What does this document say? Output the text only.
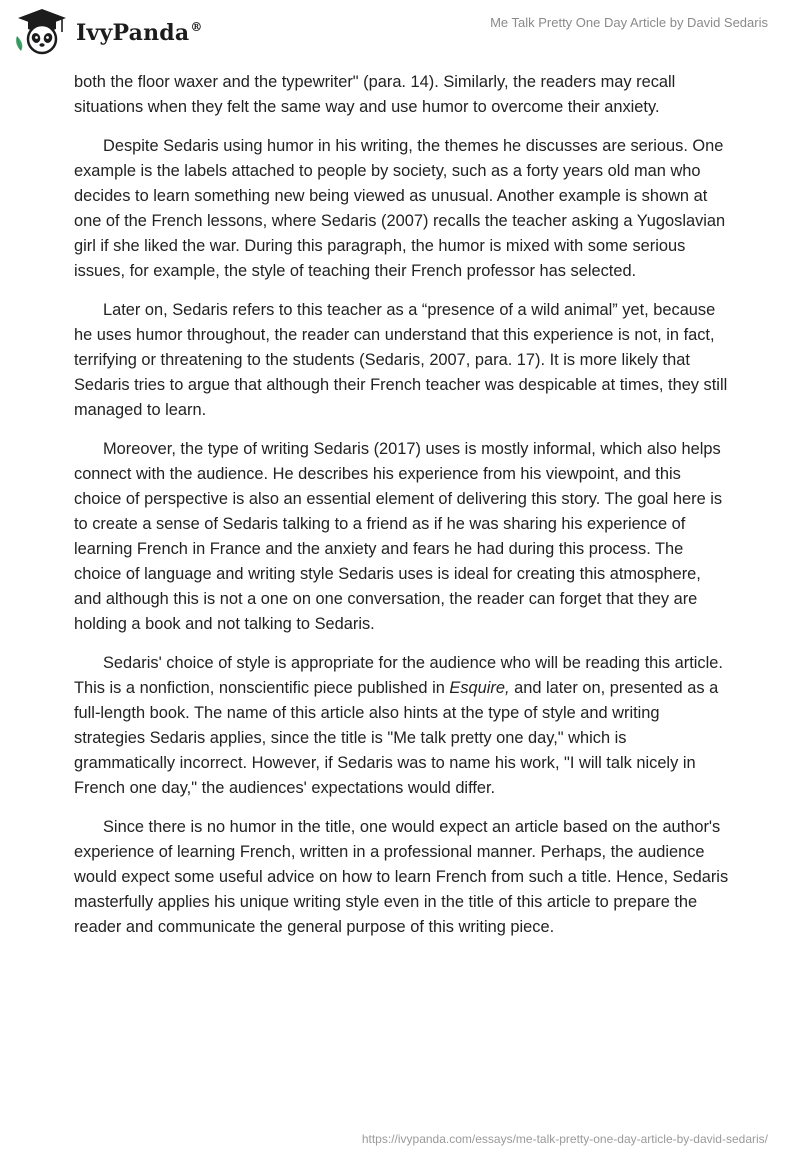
IvyPanda®	Me Talk Pretty One Day Article by David Sedaris

both the floor waxer and the typewriter" (para. 14). Similarly, the readers may recall situations when they felt the same way and use humor to overcome their anxiety.

Despite Sedaris using humor in his writing, the themes he discusses are serious. One example is the labels attached to people by society, such as a forty years old man who decides to learn something new being viewed as unusual. Another example is shown at one of the French lessons, where Sedaris (2007) recalls the teacher asking a Yugoslavian girl if she liked the war. During this paragraph, the humor is mixed with some serious issues, for example, the style of teaching their French professor has selected.

Later on, Sedaris refers to this teacher as a “presence of a wild animal” yet, because he uses humor throughout, the reader can understand that this experience is not, in fact, terrifying or threatening to the students (Sedaris, 2007, para. 17). It is more likely that Sedaris tries to argue that although their French teacher was despicable at times, they still managed to learn.

Moreover, the type of writing Sedaris (2017) uses is mostly informal, which also helps connect with the audience. He describes his experience from his viewpoint, and this choice of perspective is also an essential element of delivering this story. The goal here is to create a sense of Sedaris talking to a friend as if he was sharing his experience of learning French in France and the anxiety and fears he had during this process. The choice of language and writing style Sedaris uses is ideal for creating this atmosphere, and although this is not a one on one conversation, the reader can forget that they are holding a book and not talking to Sedaris.

Sedaris' choice of style is appropriate for the audience who will be reading this article. This is a nonfiction, nonscientific piece published in Esquire, and later on, presented as a full-length book. The name of this article also hints at the type of style and writing strategies Sedaris applies, since the title is "Me talk pretty one day," which is grammatically incorrect. However, if Sedaris was to name his work, "I will talk nicely in French one day," the audiences' expectations would differ.

Since there is no humor in the title, one would expect an article based on the author's experience of learning French, written in a professional manner. Perhaps, the audience would expect some useful advice on how to learn French from such a title. Hence, Sedaris masterfully applies his unique writing style even in the title of this article to prepare the reader and communicate the general purpose of this writing piece.

https://ivypanda.com/essays/me-talk-pretty-one-day-article-by-david-sedaris/
